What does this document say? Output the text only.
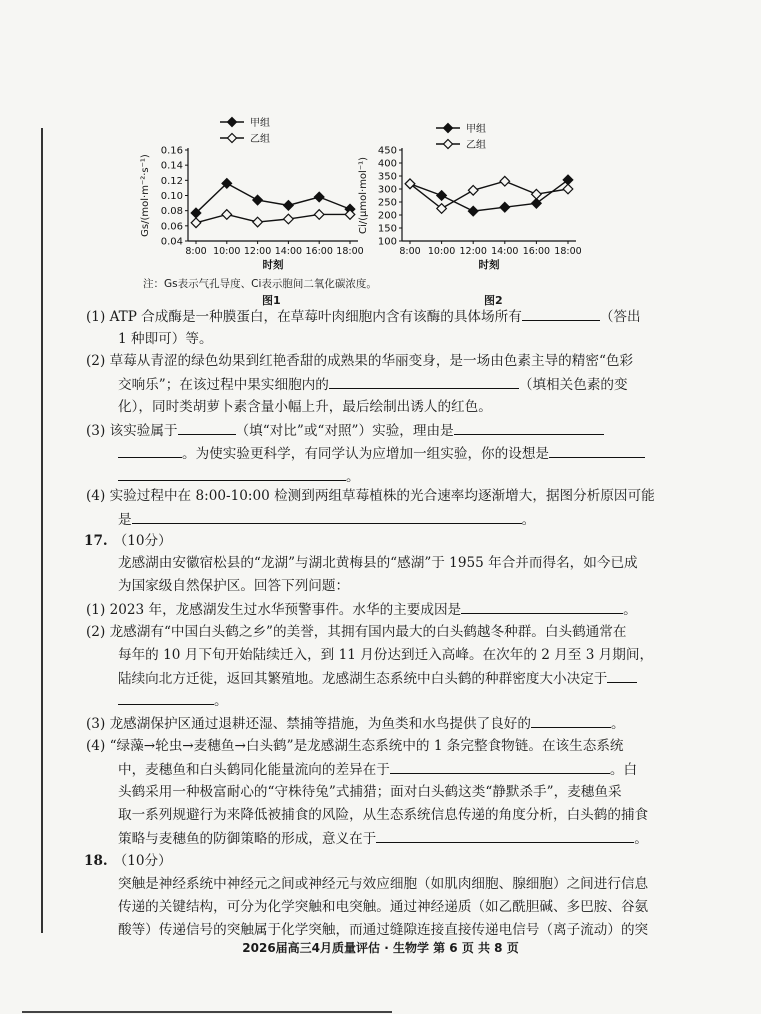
甲组
乙组
0.04
0.06
0.08
0.10
0.12
0.14
0.16
8:00 10:00 12:00 14:00 16:00 18:00
时刻
Gs/(mol·m⁻²·s⁻¹)
甲组
乙组
100
150
200
250
300
350
400
450
8:00 10:00 12:00 14:00 16:00 18:00
时刻
Ci/(μmol·mol⁻¹)
注：Gs表示气孔导度、Ci表示胞间二氧化碳浓度。
图1	图2
(1) ATP 合成酶是一种膜蛋白，在草莓叶肉细胞内含有该酶的具体场所有	（答出
1 种即可）等。
(2) 草莓从青涩的绿色幼果到红艳香甜的成熟果的华丽变身，是一场由色素主导的精密“色彩
交响乐”；在该过程中果实细胞内的	（填相关色素的变
化），同时类胡萝卜素含量小幅上升，最后绘制出诱人的红色。
(3) 该实验属于	（填“对比”或“对照”）实验，理由是
。为使实验更科学，有同学认为应增加一组实验，你的设想是
。
(4) 实验过程中在 8:00-10:00 检测到两组草莓植株的光合速率均逐渐增大，据图分析原因可能
是	。
17. （10分）
龙感湖由安徽宿松县的“龙湖”与湖北黄梅县的“感湖”于 1955 年合并而得名，如今已成
为国家级自然保护区。回答下列问题：
(1) 2023 年，龙感湖发生过水华预警事件。水华的主要成因是	。
(2) 龙感湖有“中国白头鹤之乡”的美誉，其拥有国内最大的白头鹤越冬种群。白头鹤通常在
每年的 10 月下旬开始陆续迁入，到 11 月份达到迁入高峰。在次年的 2 月至 3 月期间，
陆续向北方迁徙，返回其繁殖地。龙感湖生态系统中白头鹤的种群密度大小决定于
。
(3) 龙感湖保护区通过退耕还湿、禁捕等措施，为鱼类和水鸟提供了良好的	。
(4) “绿藻→轮虫→麦穗鱼→白头鹤”是龙感湖生态系统中的 1 条完整食物链。在该生态系统
中，麦穗鱼和白头鹤同化能量流向的差异在于	。白
头鹤采用一种极富耐心的“守株待兔”式捕猎；面对白头鹤这类“静默杀手”，麦穗鱼采
取一系列规避行为来降低被捕食的风险，从生态系统信息传递的角度分析，白头鹤的捕食
策略与麦穗鱼的防御策略的形成，意义在于	。
18. （10分）
突触是神经系统中神经元之间或神经元与效应细胞（如肌肉细胞、腺细胞）之间进行信息
传递的关键结构，可分为化学突触和电突触。通过神经递质（如乙酰胆碱、多巴胺、谷氨
酸等）传递信号的突触属于化学突触，而通过缝隙连接直接传递电信号（离子流动）的突
2026届高三4月质量评估 · 生物学 第 6 页 共 8 页
